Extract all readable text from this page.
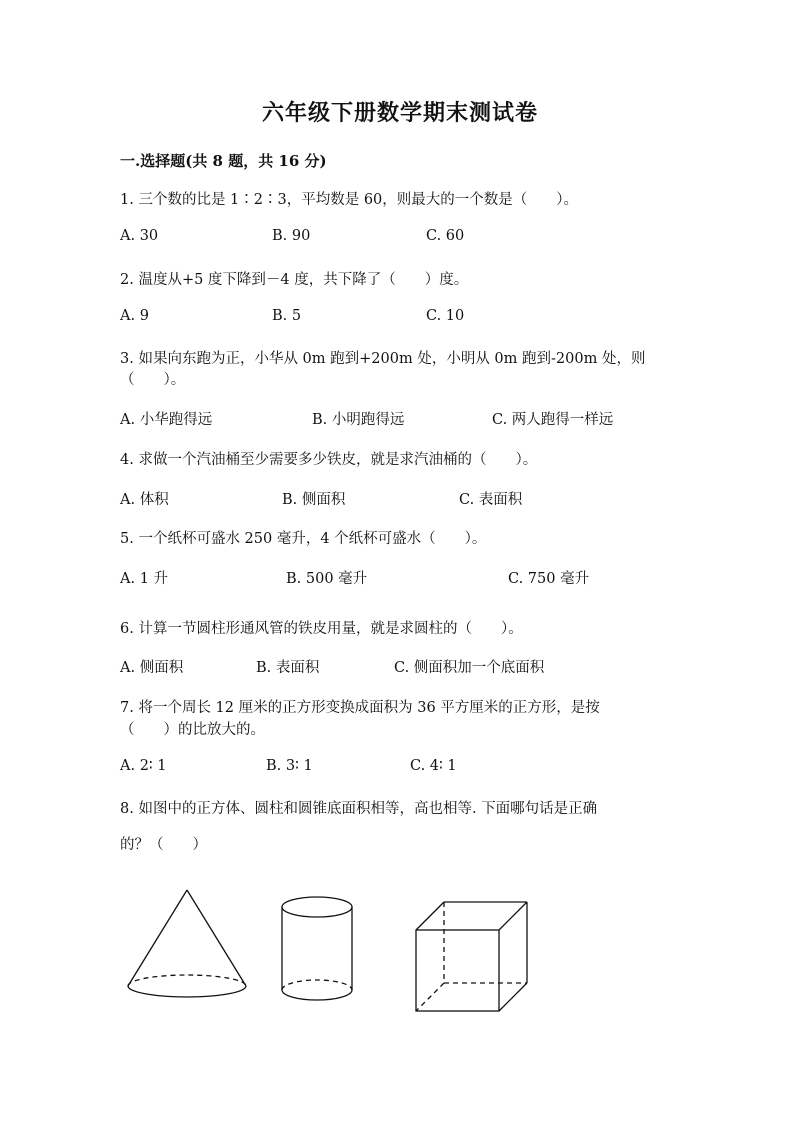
六年级下册数学期末测试卷
一.选择题(共 8 题，共 16 分)
1. 三个数的比是 1∶2∶3，平均数是 60，则最大的一个数是（　　）。
A. 30	B. 90	C. 60
2. 温度从+5 度下降到－4 度，共下降了（　　）度。
A. 9	B. 5	C. 10
3. 如果向东跑为正，小华从 0m 跑到+200m 处，小明从 0m 跑到-200m 处，则
（　　）。
A. 小华跑得远	B. 小明跑得远	C. 两人跑得一样远
4. 求做一个汽油桶至少需要多少铁皮，就是求汽油桶的（　　）。
A. 体积	B. 侧面积	C. 表面积
5. 一个纸杯可盛水 250 毫升，4 个纸杯可盛水（　　）。
A. 1 升	B. 500 毫升	C. 750 毫升
6. 计算一节圆柱形通风管的铁皮用量，就是求圆柱的（　　）。
A. 侧面积	B. 表面积	C. 侧面积加一个底面积
7. 将一个周长 12 厘米的正方形变换成面积为 36 平方厘米的正方形，是按
（　　）的比放大的。
A. 2∶ 1	B. 3∶ 1	C. 4∶ 1
8. 如图中的正方体、圆柱和圆锥底面积相等，高也相等. 下面哪句话是正确
的？（　　）
